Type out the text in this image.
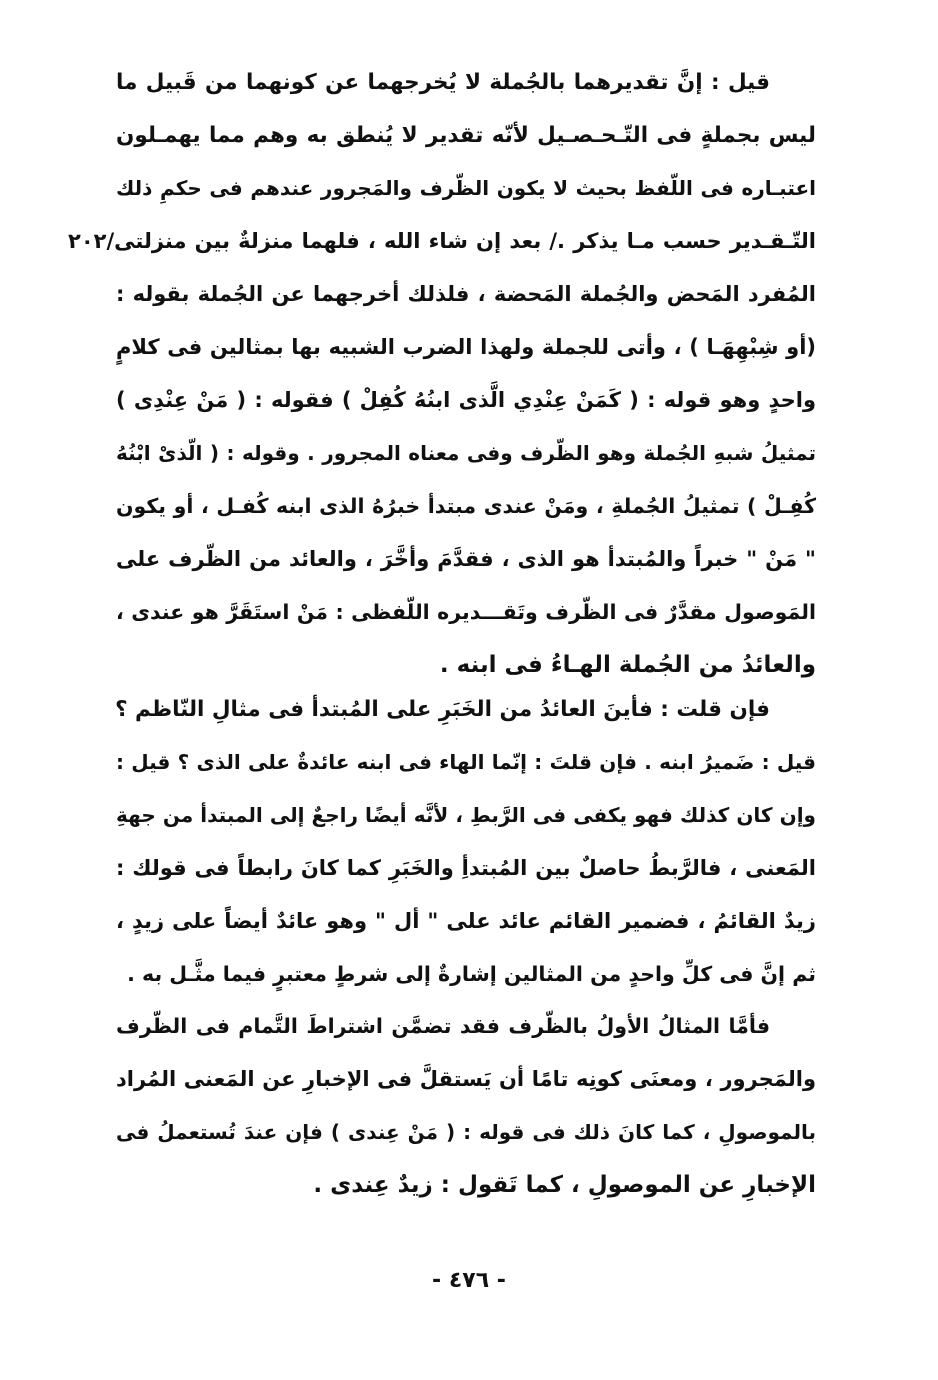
قيل : إنَّ تقديرهما بالجُملة لا يُخرجهما عن كونهما من قَبيل ما
ليس بجملةٍ فى التّـحـصـيل لأنّه تقدير لا يُنطق به وهم مما يهمـلون
اعتبـاره فى اللّفظ بحيث لا يكون الظّرف والمَجرور عندهم فى حكمِ ذلك
التّـقـدير حسب مـا يذكر ./ بعد إن شاء الله ، فلهما منزلةٌ بين منزلتى/٢٠٢
المُفرد المَحض والجُملة المَحضة ، فلذلك أخرجهما عن الجُملة بقوله :
(أو شِبْهِهَـا ) ، وأتى للجملة ولهذا الضرب الشبيه بها بمثالين فى كلامٍ
واحدٍ وهو قوله : ( كَمَنْ عِنْدِي الَّذى ابنُهُ كُفِلْ ) فقوله : ( مَنْ عِنْدِى )
تمثيلُ شبهِ الجُملة وهو الظّرف وفى معناه المجرور . وقوله : ( الّذىْ ابْنُهُ
كُفِـلْ ) تمثيلُ الجُملةِ ، ومَنْ عندى مبتدأ خبرُهُ الذى ابنه كُفـل ، أو يكون
" مَنْ " خبراً والمُبتدأ هو الذى ، فقدَّمَ وأخَّرَ ، والعائد من الظّرف على
المَوصول مقدَّرٌ فى الظّرف وتَقـــديره اللّفظى : مَنْ استَقَرَّ هو عندى ،
والعائدُ من الجُملة الهـاءُ فى ابنه .
فإن قلت : فأينَ العائدُ من الخَبَرِ على المُبتدأ فى مثالِ النّاظم ؟
قيل : ضَميرُ ابنه . فإن قلتَ : إنّما الهاء فى ابنه عائدةٌ على الذى ؟ قيل :
وإن كان كذلك فهو يكفى فى الرَّبطِ ، لأنَّه أيضًا راجعٌ إلى المبتدأ من جهةِ
المَعنى ، فالرَّبطُ حاصلٌ بين المُبتدأِ والخَبَرِ كما كانَ رابطاً فى قولك :
زيدٌ القائمُ ، فضمير القائم عائد على " أل " وهو عائدٌ أيضاً على زيدٍ ،
ثم إنَّ فى كلِّ واحدٍ من المثالين إشارةٌ إلى شرطٍ معتبرٍ فيما مثَّـل به .
فأمَّا المثالُ الأولُ بالظّرف فقد تضمَّن اشتراطَ التَّمام فى الظّرف
والمَجرور ، ومعنَى كونِه تامًا أن يَستقلَّ فى الإخبارِ عن المَعنى المُراد
بالموصولِ ، كما كانَ ذلك فى قوله : ( مَنْ عِندى ) فإن عندَ تُستعملُ فى
الإخبارِ عن الموصولِ ، كما تَقول : زيدٌ عِندى .
- ٤٧٦ -
